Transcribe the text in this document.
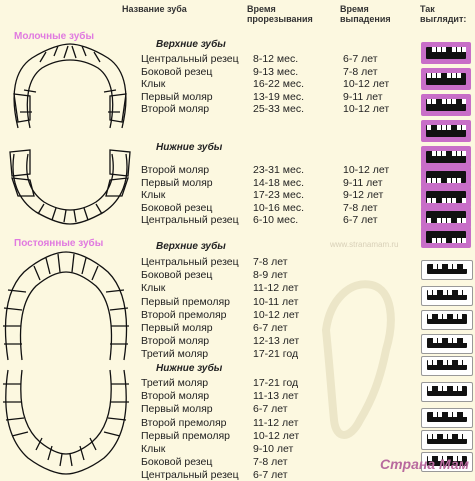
Название зуба	Время
прорезывания
Время
выпадения
Так
выглядит:
Молочные зубы
Верхние зубы
Нижние зубы
Постоянные зубы	Верхние зубы
Нижние зубы
www.stranamam.ru
Центральный резец 8-12 мес.	6-7 лет
Боковой резец	9-13 мес.	7-8 лет
Клык	16-22 мес.	10-12 лет
Первый моляр	13-19 мес.	9-11 лет
Второй моляр	25-33 мес.	10-12 лет
Второй моляр	23-31 мес.	10-12 лет
Первый моляр	14-18 мес.	9-11 лет
Клык	17-23 мес.	9-12 лет
Боковой резец	10-16 мес.	7-8 лет
Центральный резец 6-10 мес.	6-7 лет
Центральный резец 7-8 лет
Боковой резец	8-9 лет
Клык	11-12 лет
Первый премоляр 10-11 лет
Второй премоляр	10-12 лет
Первый моляр	6-7 лет
Второй моляр	12-13 лет
Третий моляр	17-21 год
Третий моляр	17-21 год
Второй моляр	11-13 лет
Первый моляр	6-7 лет
Второй премоляр	11-12 лет
Первый премоляр 10-12 лет
Клык	9-10 лет
Боковой резец	7-8 лет
Центральный резец 6-7 лет
Страна Мам
